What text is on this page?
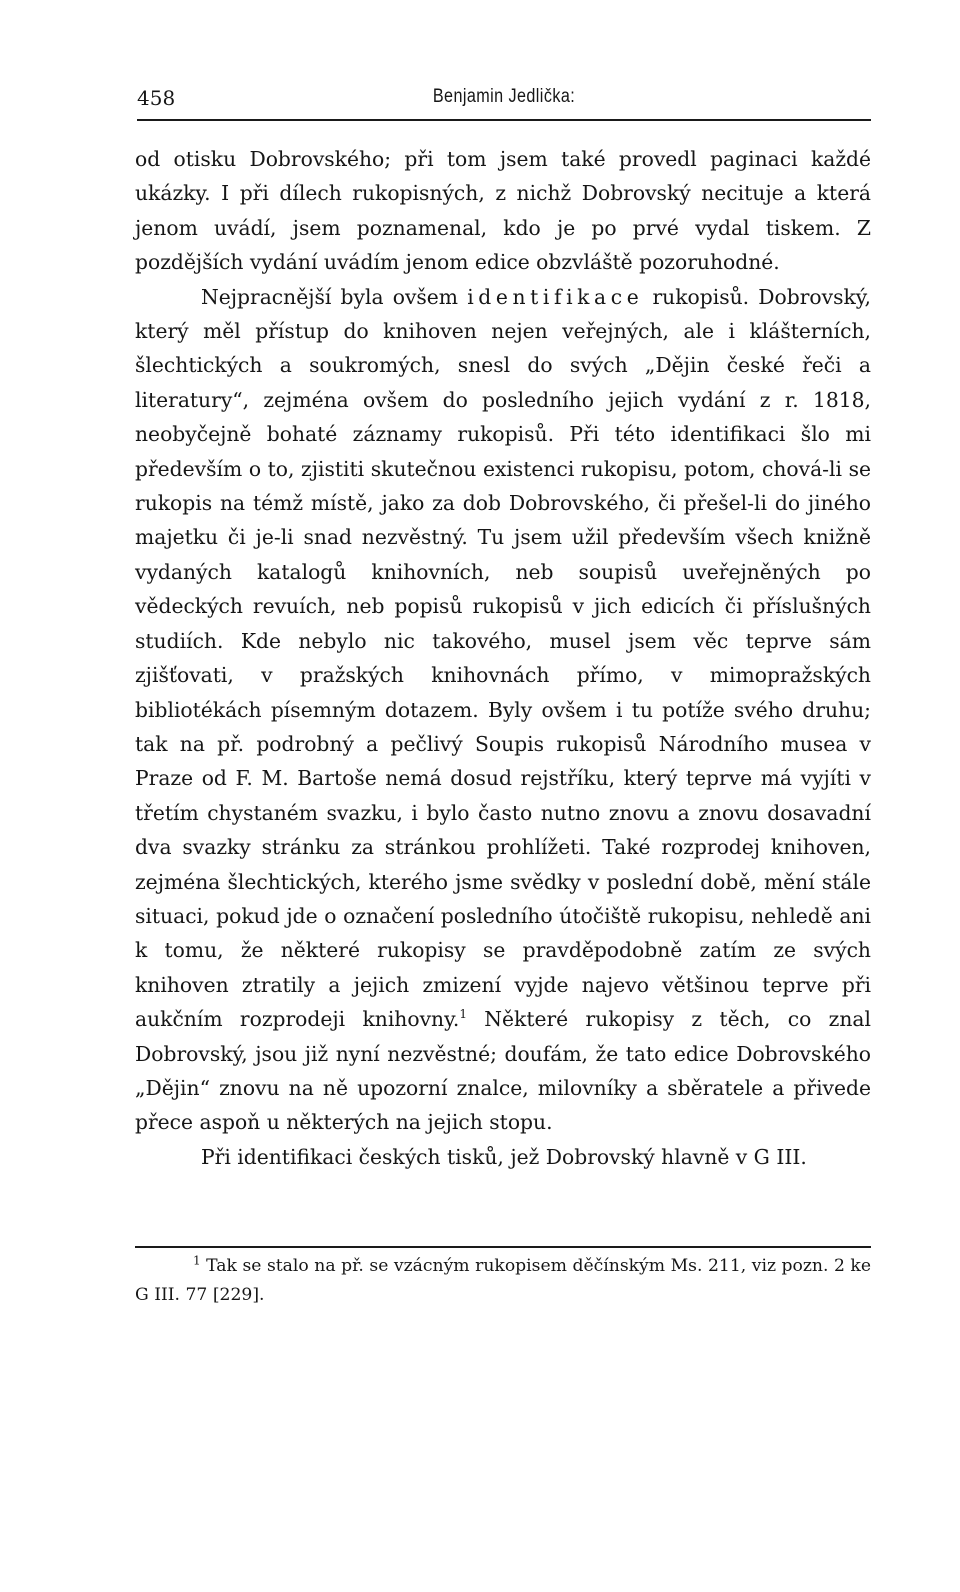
458	Benjamin Jedlička:

od otisku Dobrovského; při tom jsem také provedl paginaci každé ukázky. I při dílech rukopisných, z nichž Dobrovský necituje a která jenom uvádí, jsem poznamenal, kdo je po prvé vydal tiskem. Z pozdějších vydání uvádím jenom edice obzvláště pozoruhodné.

Nejpracnější byla ovšem identifikace rukopisů. Dobrovský, který měl přístup do knihoven nejen veřejných, ale i klášterních, šlechtických a soukromých, snesl do svých „Dějin české řeči a literatury“, zejména ovšem do posledního jejich vydání z r. 1818, neobyčejně bohaté záznamy rukopisů. Při této identifikaci šlo mi především o to, zjistiti skutečnou existenci rukopisu, potom, chová-li se rukopis na témž místě, jako za dob Dobrovského, či přešel-li do jiného majetku či je-li snad nezvěstný. Tu jsem užil především všech knižně vydaných katalogů knihovních, neb soupisů uveřejněných po vědeckých revuích, neb popisů rukopisů v jich edicích či příslušných studiích. Kde nebylo nic takového, musel jsem věc teprve sám zjišťovati, v pražských knihovnách přímo, v mimopražských bibliotékách písemným dotazem. Byly ovšem i tu potíže svého druhu; tak na př. podrobný a pečlivý Soupis rukopisů Národního musea v Praze od F. M. Bartoše nemá dosud rejstříku, který teprve má vyjíti v třetím chystaném svazku, i bylo často nutno znovu a znovu dosavadní dva svazky stránku za stránkou prohlížeti. Také rozprodej knihoven, zejména šlechtických, kterého jsme svědky v poslední době, mění stále situaci, pokud jde o označení posledního útočiště rukopisu, nehledě ani k tomu, že některé rukopisy se pravděpodobně zatím ze svých knihoven ztratily a jejich zmizení vyjde najevo většinou teprve při aukčním rozprodeji knihovny.$^1$ Některé rukopisy z těch, co znal Dobrovský, jsou již nyní nezvěstné; doufám, že tato edice Dobrovského „Dějin“ znovu na ně upozorní znalce, milovníky a sběratele a přivede přece aspoň u některých na jejich stopu.

Při identifikaci českých tisků, jež Dobrovský hlavně v G III.

$^1$ Tak se stalo na př. se vzácným rukopisem děčínským Ms. 211, viz pozn. 2 ke G III. 77 [229].
